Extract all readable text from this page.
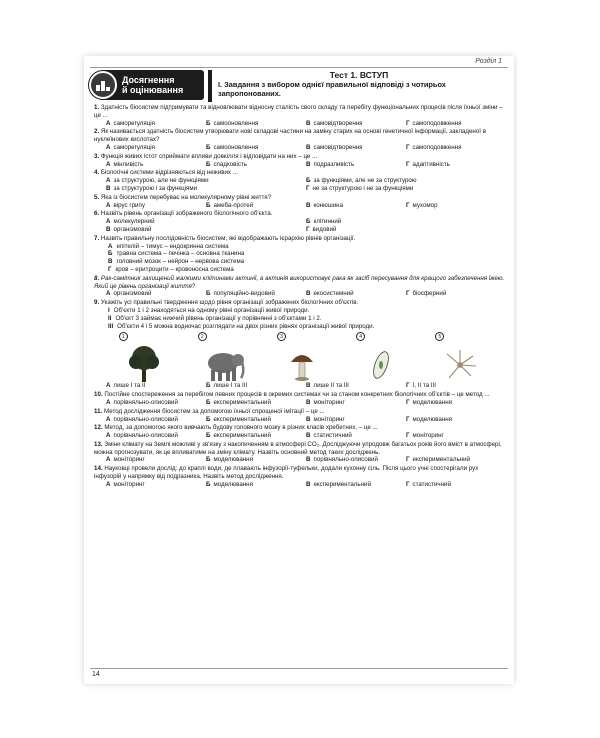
Розділ 1
Досягнення
й оцінювання
Тест 1. ВСТУП
І. Завдання з вибором однієї правильної відповіді з чотирьох запропонованих.
1. Здатність біосистем підтримувати та відновлювати відносну сталість свого складу та перебігу функціональних процесів після їхньої зміни – це ...
А саморегуляція	Б самооновлення	В самовідтворення	Г самоподовження
2. Як називається здатність біосистем утворювати нові складові частини на заміну старих на основі генетичної інформації, закладеної в нуклеїнових кислотах?
А саморегуляція	Б самооновлення	В самовідтворення	Г самоподовження
3. Функція живих істот сприймати впливи довкілля і відповідати на них – це ...
А мінливість	Б спадковість	В подразливість	Г адаптивність
4. Біологічні системи відрізняються від неживих ...
А за структурою, але не функціями	Б за функціями, але не за структурою
В за структурою і за функціями	Г не за структурою і не за функціями
5. Яка із біосистем перебуває на молекулярному рівні життя?
А вірус грипу	Б амеба-протей	В конюшина	Г мухомор
6. Назвіть рівень організації зображеного біологічного об'єкта.
А молекулярний	Б клітинний
В організмовий	Г видовий
7. Назвіть правильну послідовність біосистем, які відображають ієрархію рівнів організації.
А епітелій – тимус – ендокринна система
Б травна система – печінка – основна тканина
В головний мозок – нейрон – нервова система
Г кров – еритроцити – кровоносна система
8. Рак-самітник захищений жалкими клітинами актинії, а актинія використовує рака як засіб пересування для кращого забезпечення їжею. Який це рівень організації життя?
А організмовий	Б популяційно-видовий	В екосистемний	Г біосферний
9. Укажіть усі правильні твердження щодо рівня організації зображених біологічних об'єктів.
І Об'єкти 1 і 2 знаходяться на одному рівні організації живої природи.
ІІ Об'єкт 3 займає нижчий рівень організації у порівнянні з об'єктами 1 і 2.
ІІІ Об'єкти 4 і 5 можна водночас розглядати на двох різних рівнях організації живої природи.
1	2	3	4	5
А лише І та ІІ	Б лише І та ІІІ	В лише ІІ та ІІІ	Г І, ІІ та ІІІ
10. Постійне спостереження за перебігом певних процесів в окремих системах чи за станом конкретних біологічних об'єктів – це метод ...
А порівняльно-описовий	Б експериментальний	В моніторинг	Г моделювання
11. Метод дослідження біосистем за допомогою їхньої спрощеної імітації – це ...
А порівняльно-описовий	Б експериментальний	В моніторинг	Г моделювання
12. Метод, за допомогою якого вивчають будову головного мозку в різних класів хребетних, – це ...
А порівняльно-описовий	Б експериментальний	В статистичний	Г моніторинг
13. Зміни клімату на Землі можливі у зв'язку з накопиченням в атмосфері CO₂. Досліджуючи упродовж багатьох років його вміст в атмосфері, можна прогнозувати, як це впливатиме на зміну клімату. Назвіть основний метод таких досліджень.
А моніторинг	Б моделювання	В порівняльно-описовий	Г експериментальний
14. Науковці провели дослід: до краплі води, де плавають інфузорії-туфельки, додали кухонну сіль. Після цього учні спостерігали рух інфузорій у напрямку від подразника. Назвіть метод дослідження.
А моніторинг	Б моделювання	В експериментальний	Г статистичний
14
